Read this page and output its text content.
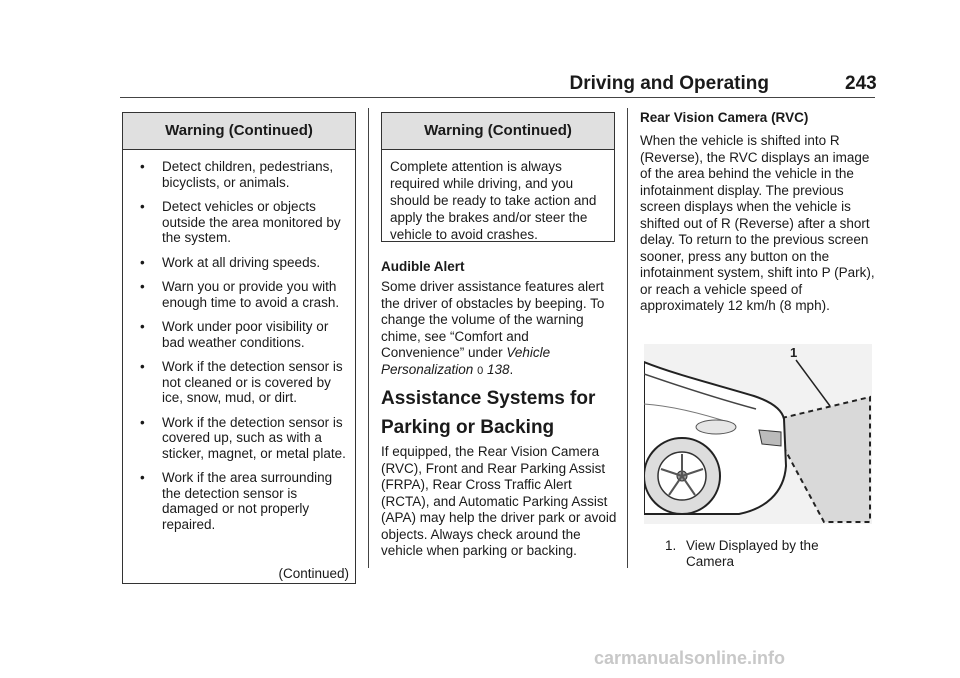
Driving and Operating	243
Warning (Continued)
• Detect children, pedestrians, bicyclists, or animals.
• Detect vehicles or objects outside the area monitored by the system.
• Work at all driving speeds.
• Warn you or provide you with enough time to avoid a crash.
• Work under poor visibility or bad weather conditions.
• Work if the detection sensor is not cleaned or is covered by ice, snow, mud, or dirt.
• Work if the detection sensor is covered up, such as with a sticker, magnet, or metal plate.
• Work if the area surrounding the detection sensor is damaged or not properly repaired.
(Continued)
Warning (Continued)
Complete attention is always required while driving, and you should be ready to take action and apply the brakes and/or steer the vehicle to avoid crashes.
Audible Alert
Some driver assistance features alert the driver of obstacles by beeping. To change the volume of the warning chime, see “Comfort and Convenience” under Vehicle Personalization 0 138.
Assistance Systems for Parking or Backing
If equipped, the Rear Vision Camera (RVC), Front and Rear Parking Assist (FRPA), Rear Cross Traffic Alert (RCTA), and Automatic Parking Assist (APA) may help the driver park or avoid objects. Always check around the vehicle when parking or backing.
Rear Vision Camera (RVC)
When the vehicle is shifted into R (Reverse), the RVC displays an image of the area behind the vehicle in the infotainment display. The previous screen displays when the vehicle is shifted out of R (Reverse) after a short delay. To return to the previous screen sooner, press any button on the infotainment system, shift into P (Park), or reach a vehicle speed of approximately 12 km/h (8 mph).
1
1. View Displayed by the Camera
carmanualsonline.info
